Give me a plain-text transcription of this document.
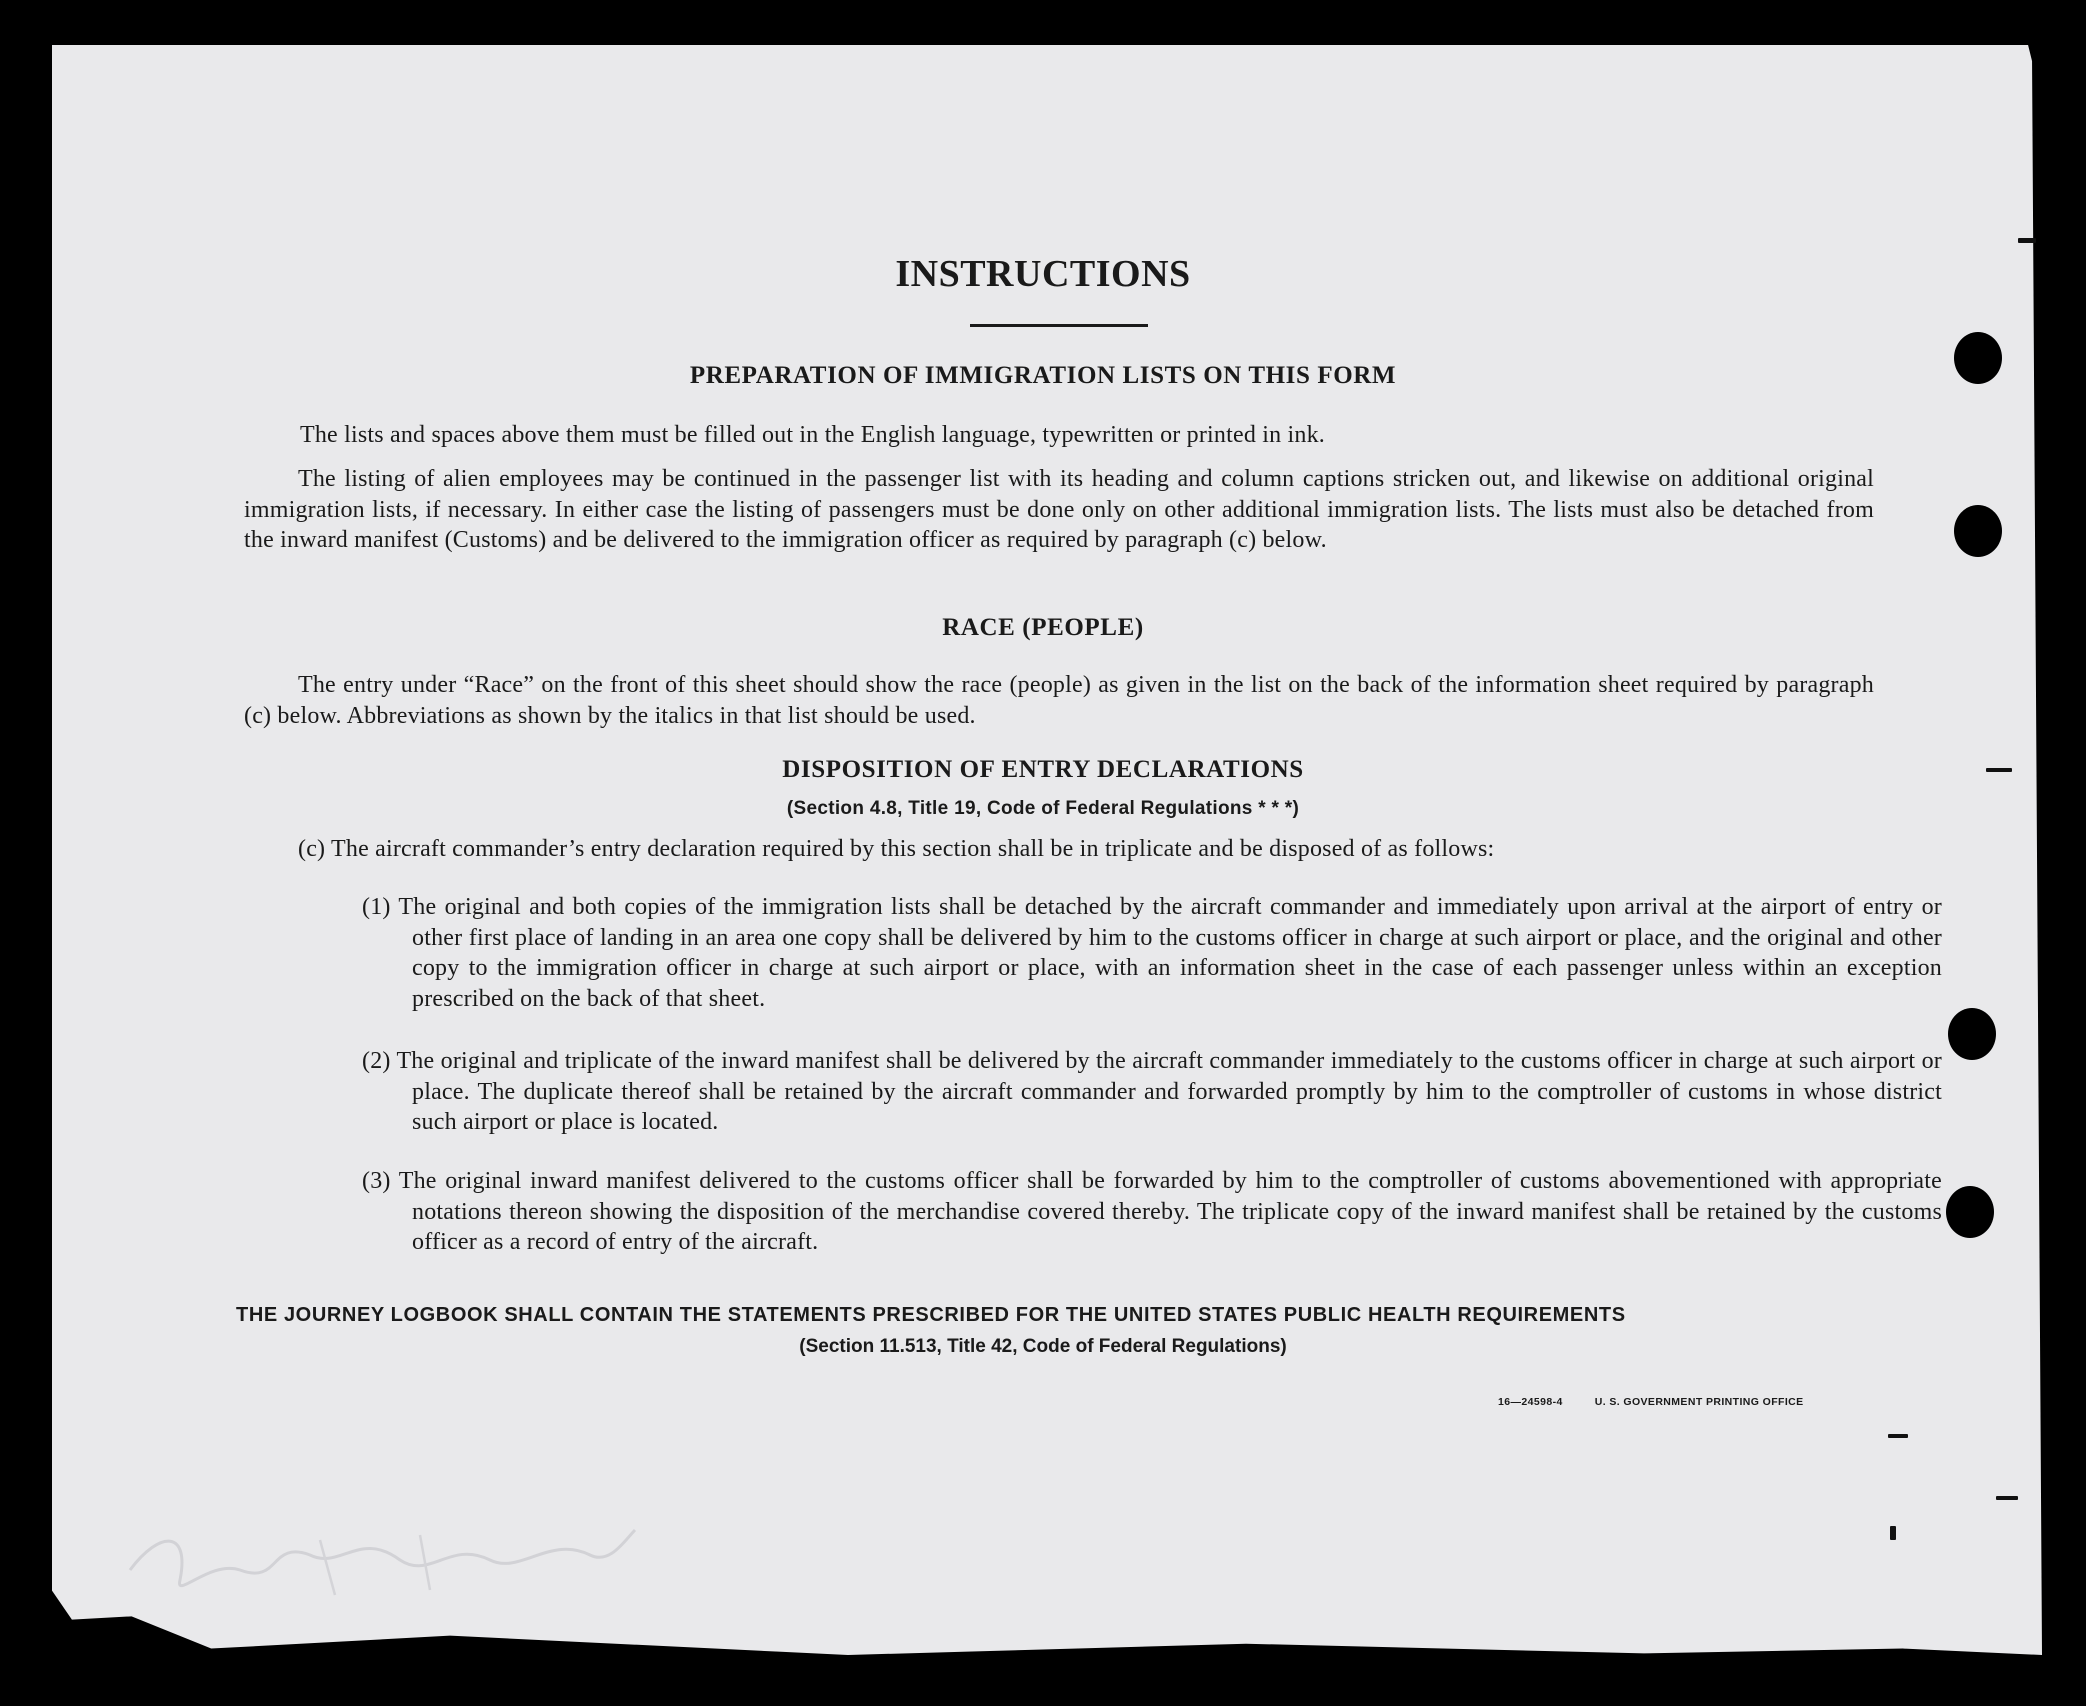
INSTRUCTIONS
PREPARATION OF IMMIGRATION LISTS ON THIS FORM
The lists and spaces above them must be filled out in the English language, typewritten or printed in ink.
The listing of alien employees may be continued in the passenger list with its heading and column captions stricken out, and likewise on additional original immigration lists, if necessary. In either case the listing of passengers must be done only on other additional immigration lists. The lists must also be detached from the inward manifest (Customs) and be delivered to the immigration officer as required by paragraph (c) below.
RACE (PEOPLE)
The entry under “Race” on the front of this sheet should show the race (people) as given in the list on the back of the information sheet required by paragraph (c) below. Abbreviations as shown by the italics in that list should be used.
DISPOSITION OF ENTRY DECLARATIONS
(Section 4.8, Title 19, Code of Federal Regulations * * *)
(c) The aircraft commander’s entry declaration required by this section shall be in triplicate and be disposed of as follows:
(1) The original and both copies of the immigration lists shall be detached by the aircraft commander and immediately upon arrival at the airport of entry or other first place of landing in an area one copy shall be delivered by him to the customs officer in charge at such airport or place, and the original and other copy to the immigration officer in charge at such airport or place, with an information sheet in the case of each passenger unless within an exception prescribed on the back of that sheet.
(2) The original and triplicate of the inward manifest shall be delivered by the aircraft commander immediately to the customs officer in charge at such airport or place. The duplicate thereof shall be retained by the aircraft commander and forwarded promptly by him to the comptroller of customs in whose district such airport or place is located.
(3) The original inward manifest delivered to the customs officer shall be forwarded by him to the comptroller of customs abovementioned with appropriate notations thereon showing the disposition of the merchandise covered thereby. The triplicate copy of the inward manifest shall be retained by the customs officer as a record of entry of the aircraft.
THE JOURNEY LOGBOOK SHALL CONTAIN THE STATEMENTS PRESCRIBED FOR THE UNITED STATES PUBLIC HEALTH REQUIREMENTS
(Section 11.513, Title 42, Code of Federal Regulations)
16—24598-4	U. S. GOVERNMENT PRINTING OFFICE
